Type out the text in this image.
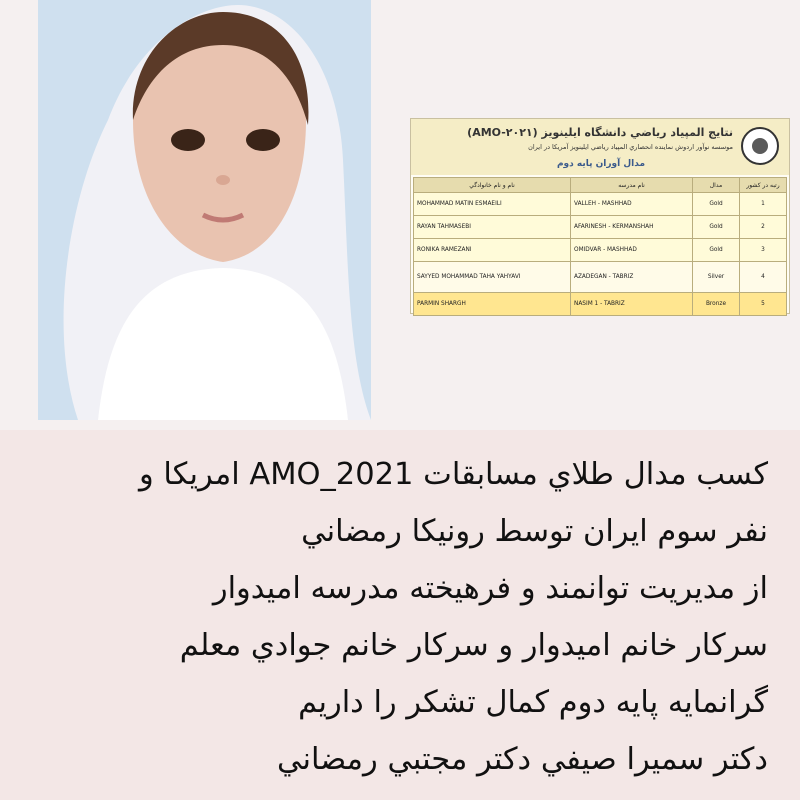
نتايج المپياد رياضي دانشگاه ايلينويز (AMO-۲۰۲۱)
موسسه نوآور اردوش نماينده انحصاري المپياد رياضي ايلينويز آمريكا در ايران
مدال آوران پايه دوم
نام و نام خانوادگي	نام مدرسه	مدال	رتبه در كشور
MOHAMMAD MATIN ESMAEILI	VALLEH - MASHHAD	Gold	1
RAYAN TAHMASEBI	AFARINESH - KERMANSHAH	Gold	2
RONIKA RAMEZANI	OMIDVAR - MASHHAD	Gold	3
SAYYED MOHAMMAD TAHA YAHYAVI	AZADEGAN - TABRIZ	Silver	4
PARMIN SHARGH	NASIM 1 - TABRIZ	Bronze	5
كسب مدال طلاي مسابقات AMO_2021 امريكا و
نفر سوم ايران توسط رونيكا رمضاني
از مديريت توانمند و فرهيخته مدرسه اميدوار
سركار خانم اميدوار و سركار خانم جوادي معلم
گرانمايه پايه دوم كمال تشكر را داريم
دكتر سميرا صيفي دكتر مجتبي رمضاني
